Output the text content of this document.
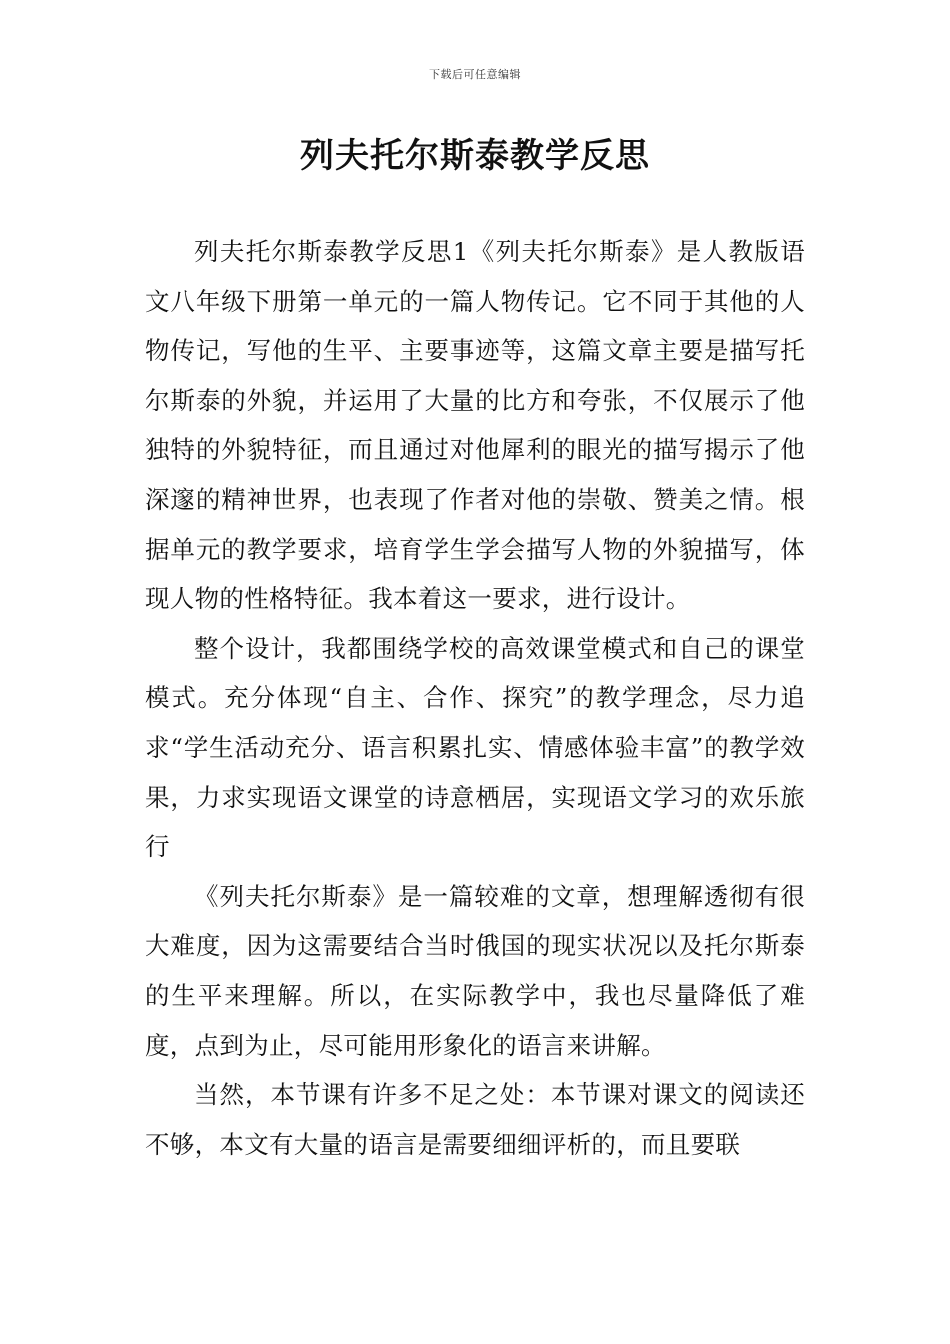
下载后可任意编辑
列夫托尔斯泰教学反思

列夫托尔斯泰教学反思1《列夫托尔斯泰》是人教版语文八年级下册第一单元的一篇人物传记。它不同于其他的人物传记，写他的生平、主要事迹等，这篇文章主要是描写托尔斯泰的外貌，并运用了大量的比方和夸张，不仅展示了他独特的外貌特征，而且通过对他犀利的眼光的描写揭示了他深邃的精神世界，也表现了作者对他的崇敬、赞美之情。根据单元的教学要求，培育学生学会描写人物的外貌描写，体现人物的性格特征。我本着这一要求，进行设计。

整个设计，我都围绕学校的高效课堂模式和自己的课堂模式。充分体现“自主、合作、探究”的教学理念，尽力追求“学生活动充分、语言积累扎实、情感体验丰富”的教学效果，力求实现语文课堂的诗意栖居，实现语文学习的欢乐旅行

《列夫托尔斯泰》是一篇较难的文章，想理解透彻有很大难度，因为这需要结合当时俄国的现实状况以及托尔斯泰的生平来理解。所以，在实际教学中，我也尽量降低了难度，点到为止，尽可能用形象化的语言来讲解。

当然，本节课有许多不足之处：本节课对课文的阅读还不够，本文有大量的语言是需要细细评析的，而且要联
